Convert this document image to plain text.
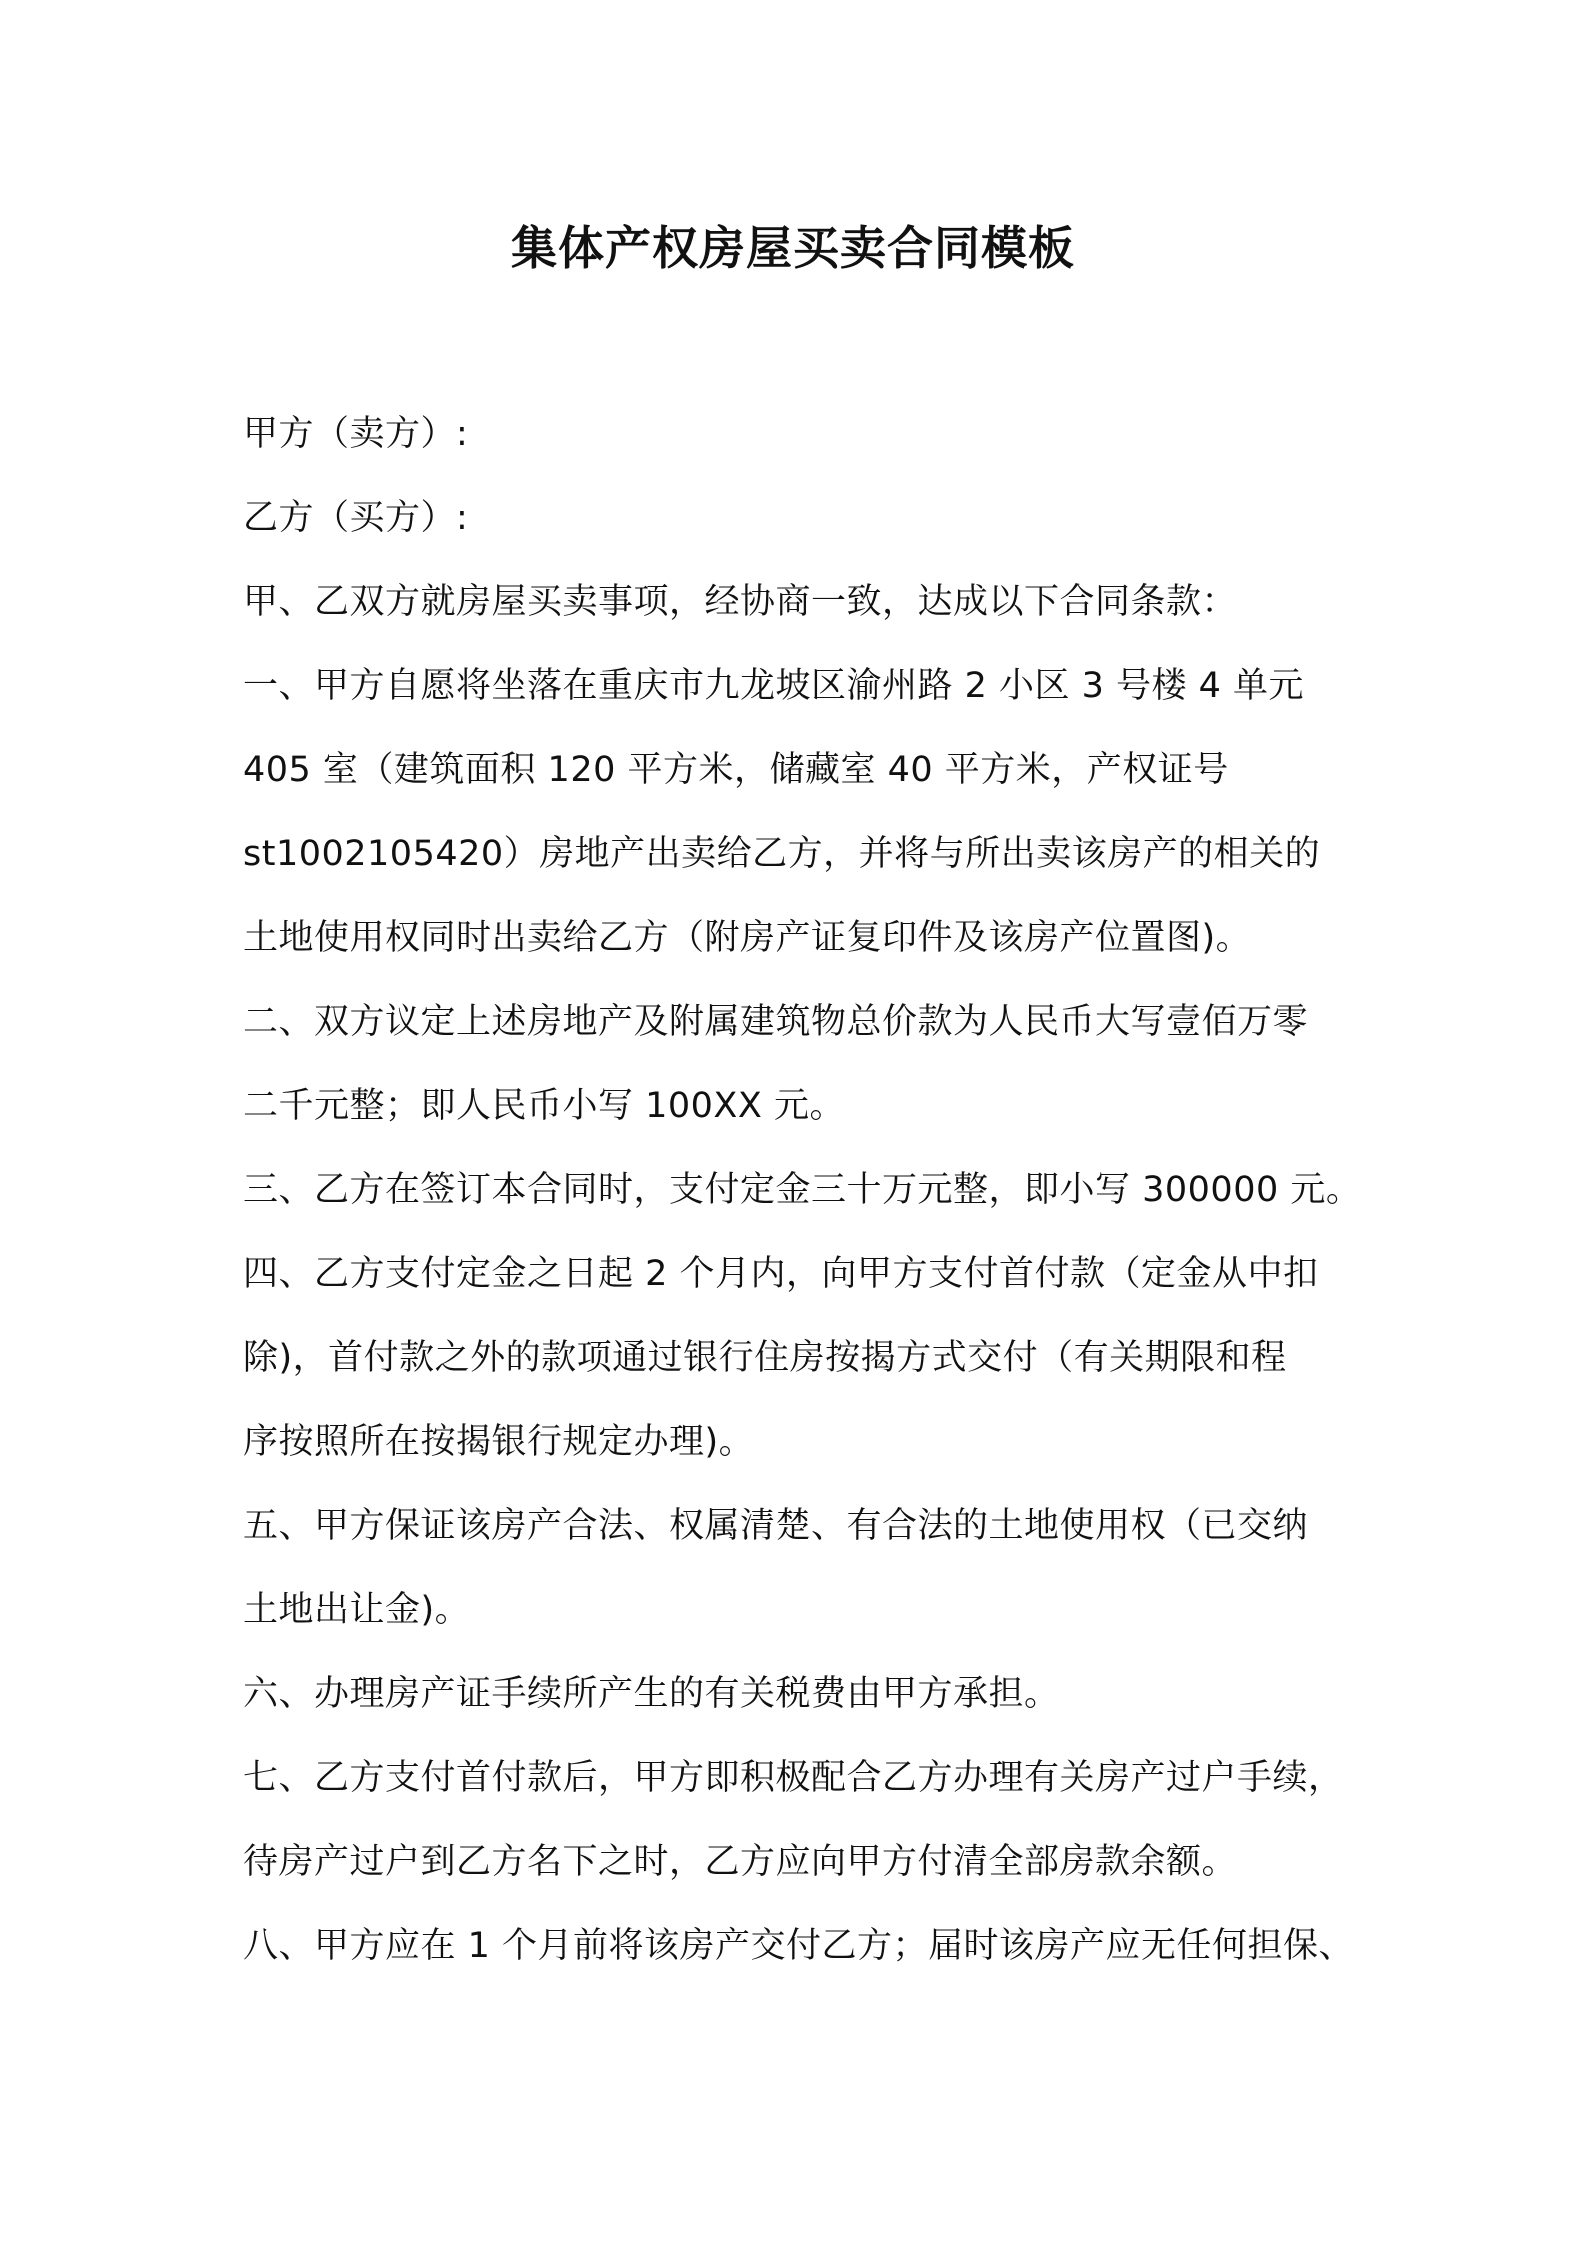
集体产权房屋买卖合同模板
甲方（卖方）:
乙方（买方）:
甲、乙双方就房屋买卖事项，经协商一致，达成以下合同条款：
一、甲方自愿将坐落在重庆市九龙坡区渝州路 2 小区 3 号楼 4 单元
405 室（建筑面积 120 平方米，储藏室 40 平方米，产权证号
st1002105420）房地产出卖给乙方，并将与所出卖该房产的相关的
土地使用权同时出卖给乙方（附房产证复印件及该房产位置图)。
二、双方议定上述房地产及附属建筑物总价款为人民币大写壹佰万零
二千元整；即人民币小写 100XX 元。
三、乙方在签订本合同时，支付定金三十万元整，即小写 300000 元。
四、乙方支付定金之日起 2 个月内，向甲方支付首付款（定金从中扣
除)，首付款之外的款项通过银行住房按揭方式交付（有关期限和程
序按照所在按揭银行规定办理)。
五、甲方保证该房产合法、权属清楚、有合法的土地使用权（已交纳
土地出让金)。
六、办理房产证手续所产生的有关税费由甲方承担。
七、乙方支付首付款后，甲方即积极配合乙方办理有关房产过户手续，
待房产过户到乙方名下之时，乙方应向甲方付清全部房款余额。
八、甲方应在 1 个月前将该房产交付乙方；届时该房产应无任何担保、
